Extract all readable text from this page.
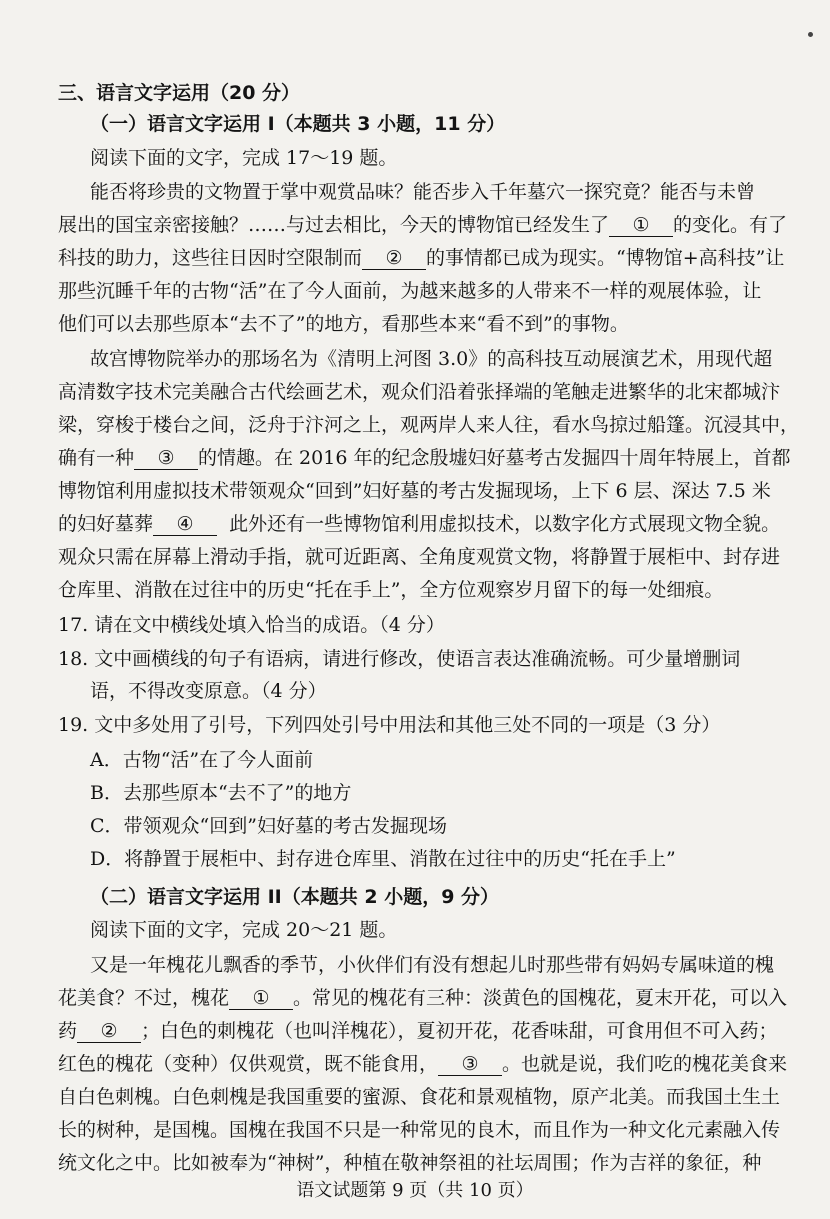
三、语言文字运用（20 分）
（一）语言文字运用 I（本题共 3 小题，11 分）
阅读下面的文字，完成 17～19 题。
能否将珍贵的文物置于掌中观赏品味？能否步入千年墓穴一探究竟？能否与未曾
展出的国宝亲密接触？……与过去相比，今天的博物馆已经发生了 ① 的变化。有了
科技的助力，这些往日因时空限制而 ② 的事情都已成为现实。“博物馆+高科技”让
那些沉睡千年的古物“活”在了今人面前，为越来越多的人带来不一样的观展体验，让
他们可以去那些原本“去不了”的地方，看那些本来“看不到”的事物。
故宫博物院举办的那场名为《清明上河图 3.0》的高科技互动展演艺术，用现代超
高清数字技术完美融合古代绘画艺术，观众们沿着张择端的笔触走进繁华的北宋都城汴
梁，穿梭于楼台之间，泛舟于汴河之上，观两岸人来人往，看水鸟掠过船篷。沉浸其中，
确有一种 ③ 的情趣。在 2016 年的纪念殷墟妇好墓考古发掘四十周年特展上，首都
博物馆利用虚拟技术带领观众“回到”妇好墓的考古发掘现场，上下 6 层、深达 7.5 米
的妇好墓葬 ④ 此外还有一些博物馆利用虚拟技术，以数字化方式展现文物全貌。
观众只需在屏幕上滑动手指，就可近距离、全角度观赏文物，将静置于展柜中、封存进
仓库里、消散在过往中的历史“托在手上”，全方位观察岁月留下的每一处细痕。
17. 请在文中横线处填入恰当的成语。（4 分）
18. 文中画横线的句子有语病，请进行修改，使语言表达准确流畅。可少量增删词
语，不得改变原意。（4 分）
19. 文中多处用了引号，下列四处引号中用法和其他三处不同的一项是（3 分）
A．古物“活”在了今人面前
B．去那些原本“去不了”的地方
C．带领观众“回到”妇好墓的考古发掘现场
D．将静置于展柜中、封存进仓库里、消散在过往中的历史“托在手上”
（二）语言文字运用 II（本题共 2 小题，9 分）
阅读下面的文字，完成 20～21 题。
又是一年槐花儿飘香的季节，小伙伴们有没有想起儿时那些带有妈妈专属味道的槐
花美食？不过，槐花 ① 。常见的槐花有三种：淡黄色的国槐花，夏末开花，可以入
药 ② ；白色的刺槐花（也叫洋槐花），夏初开花，花香味甜，可食用但不可入药；
红色的槐花（变种）仅供观赏，既不能食用， ③ 。也就是说，我们吃的槐花美食来
自白色刺槐。白色刺槐是我国重要的蜜源、食花和景观植物，原产北美。而我国土生土
长的树种，是国槐。国槐在我国不只是一种常见的良木，而且作为一种文化元素融入传
统文化之中。比如被奉为“神树”，种植在敬神祭祖的社坛周围；作为吉祥的象征，种
语文试题第 9 页（共 10 页）
